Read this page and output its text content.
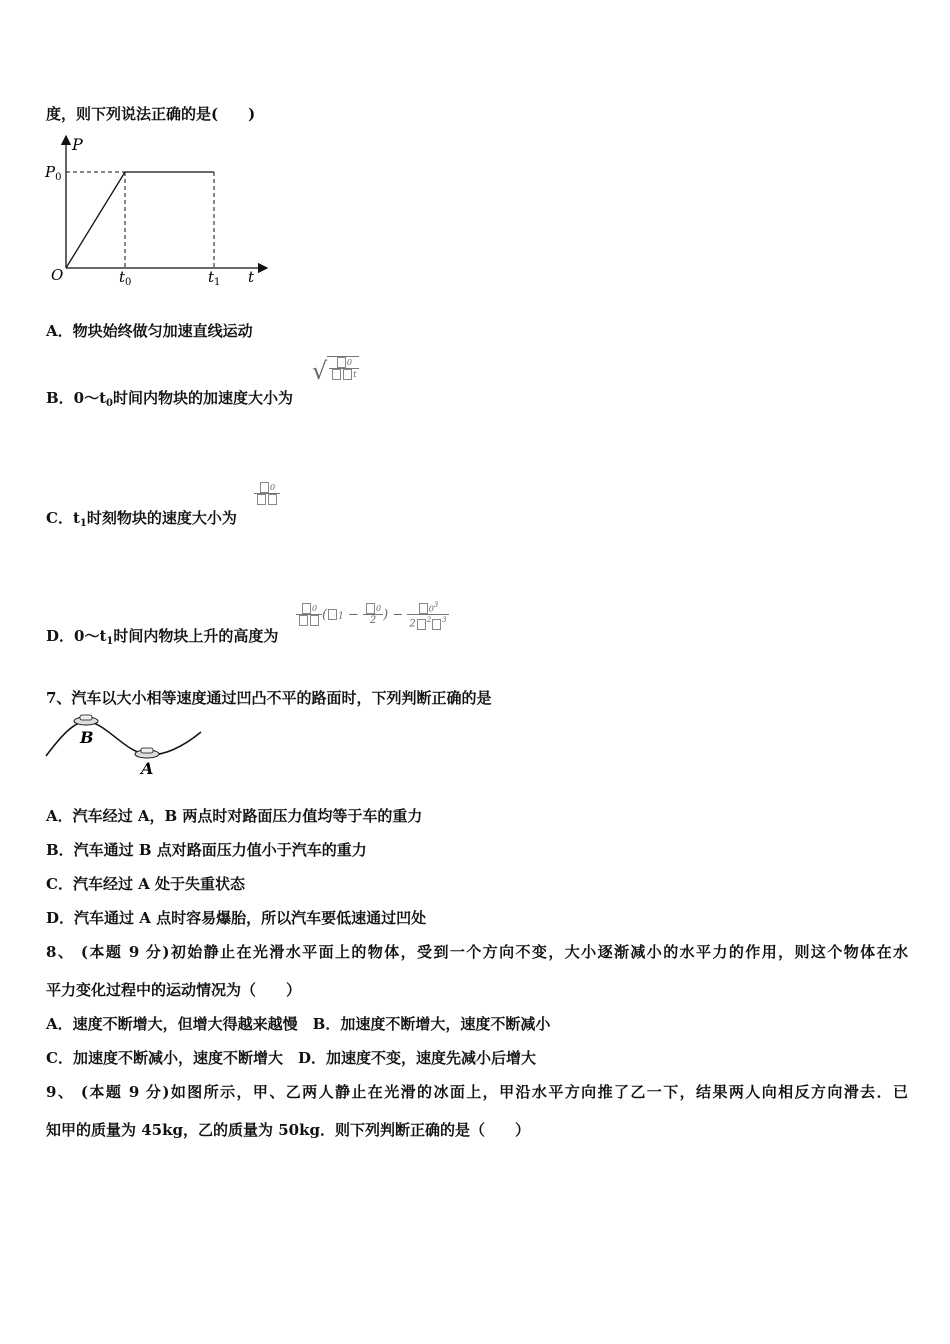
度，则下列说法正确的是(　　)
P
$P_0$
O	$t_0$	$t_1$ t
A．物块始终做匀加速直线运动
B．$0\sim t_0$时间内物块的加速度大小为
√ $\frac{0}{t}$
C．$t_1$时刻物块的速度大小为
0
D．$0\sim t_1$时间内物块上升的高度为
0 ( $1 - \frac{0}{2}$ ) − $\frac{0^3}{2 ^2 ^3}$
7、汽车以大小相等速度通过凹凸不平的路面时，下列判断正确的是
B
A
A．汽车经过 A，B 两点时对路面压力值均等于车的重力
B．汽车通过 B 点对路面压力值小于汽车的重力
C．汽车经过 A 处于失重状态
D．汽车通过 A 点时容易爆胎，所以汽车要低速通过凹处
8、 (本题 9 分)初始静止在光滑水平面上的物体，受到一个方向不变，大小逐渐减小的水平力的作用，则这个物体在水
平力变化过程中的运动情况为（　　）
A．速度不断增大，但增大得越来越慢　B．加速度不断增大，速度不断减小
C．加速度不断减小，速度不断增大　D．加速度不变，速度先减小后增大
9、 (本题 9 分)如图所示，甲、乙两人静止在光滑的冰面上，甲沿水平方向推了乙一下，结果两人向相反方向滑去．已
知甲的质量为 45kg，乙的质量为 50kg．则下列判断正确的是（　　）
